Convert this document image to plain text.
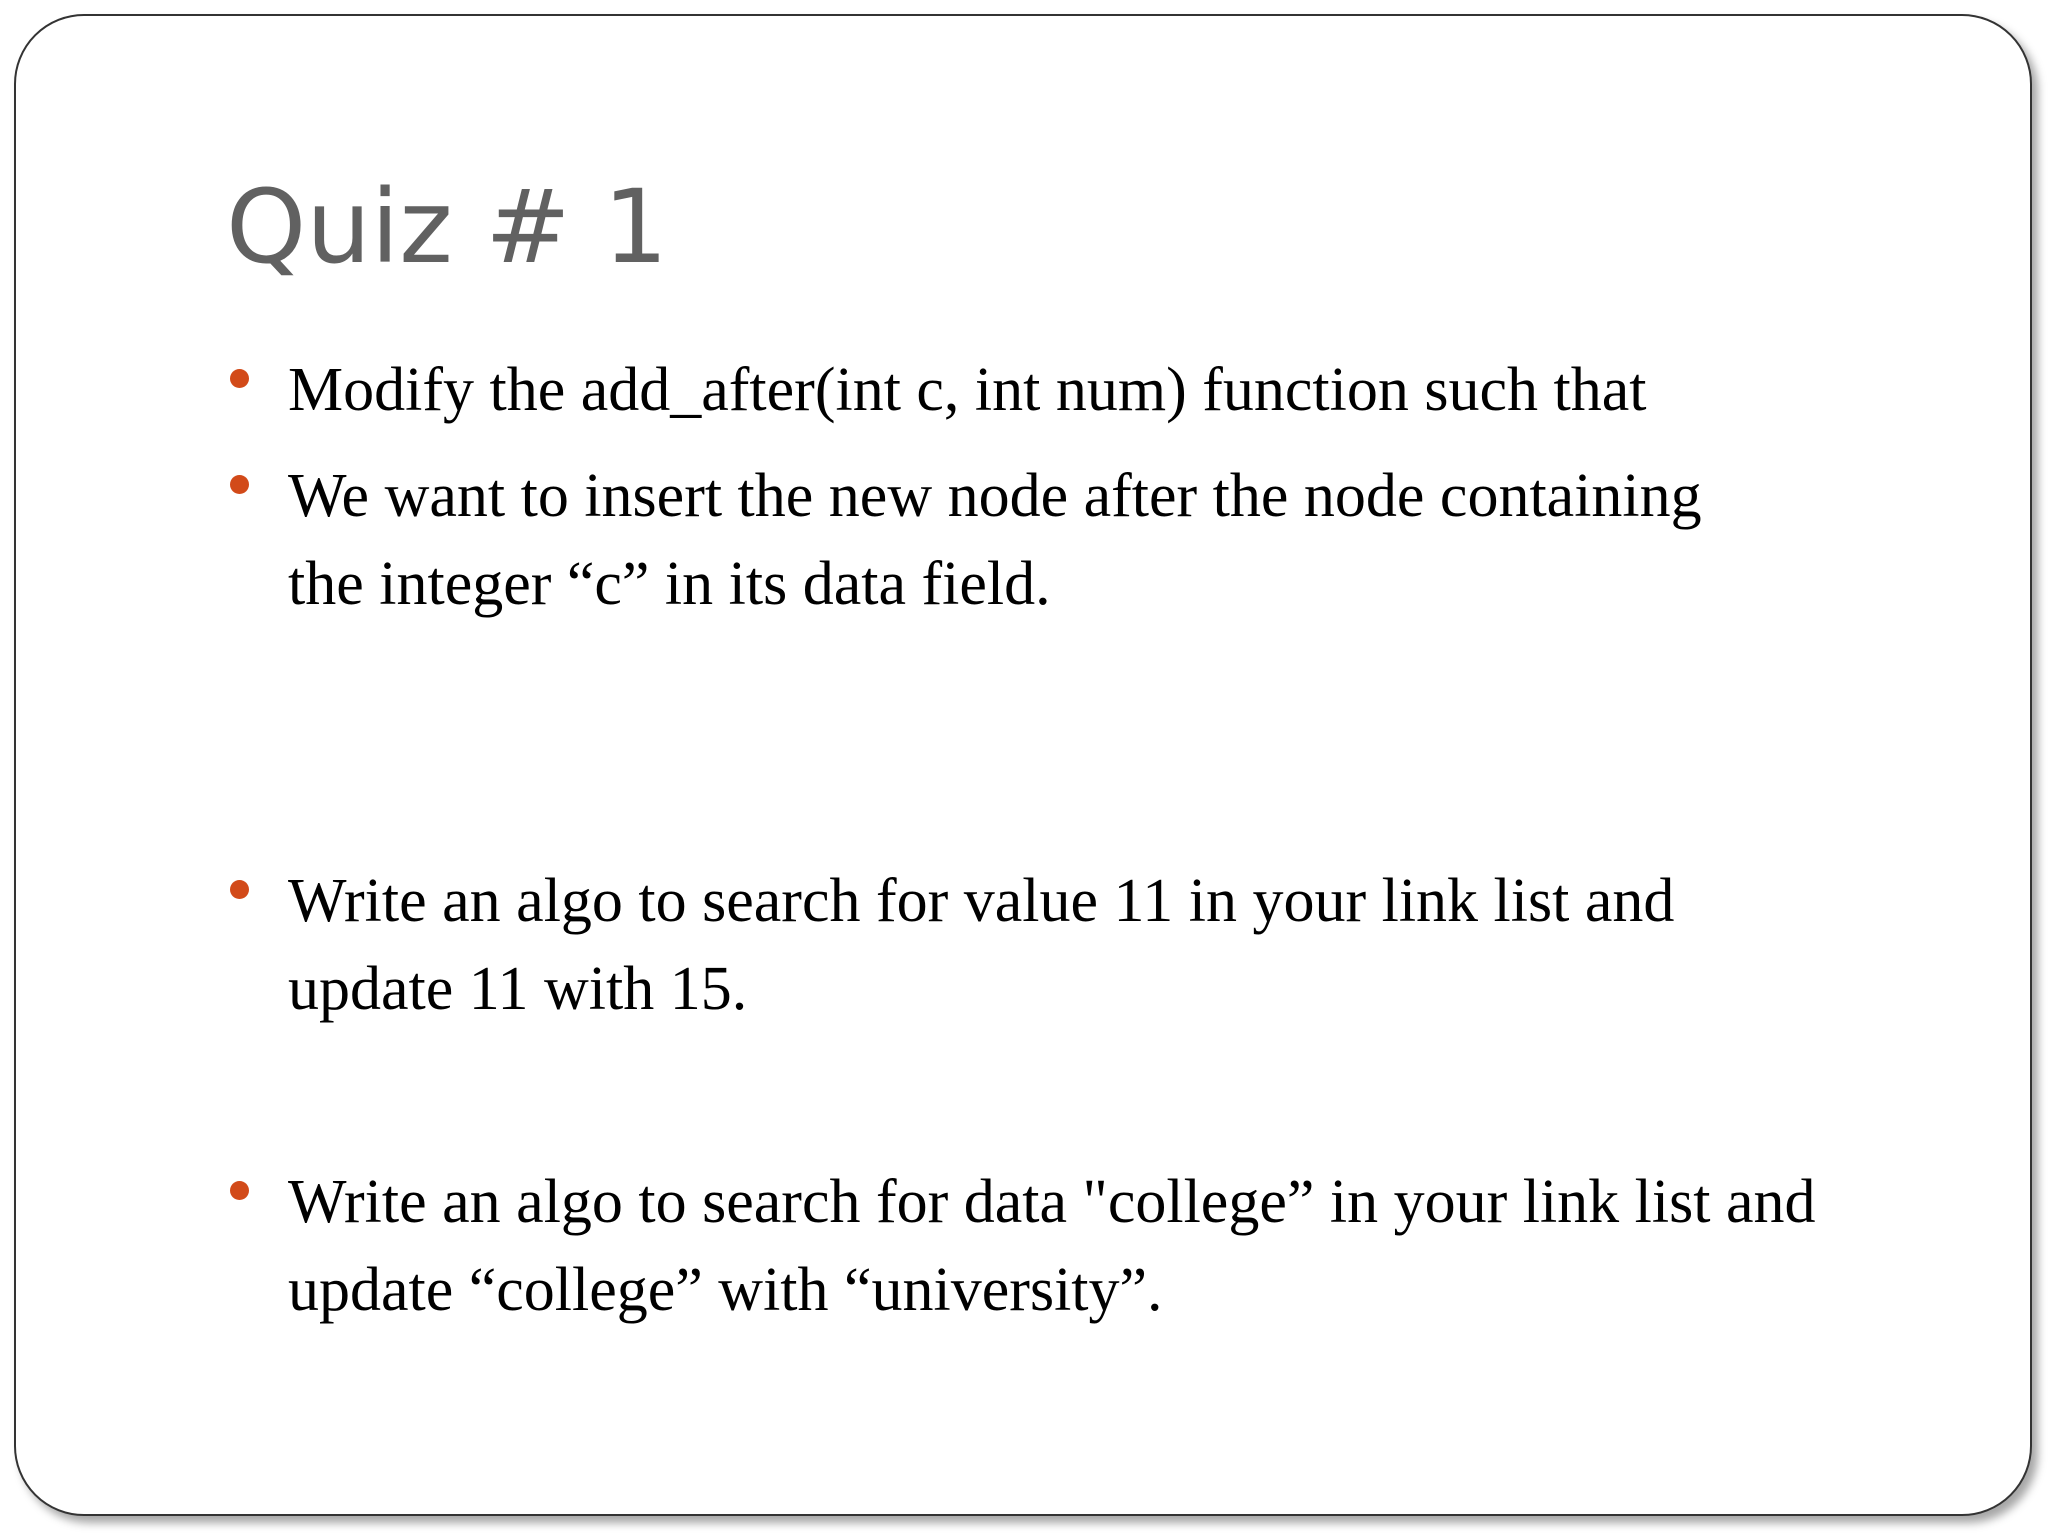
Quiz # 1
Modify the add_after(int c, int num) function such that
We want to insert the new node after the node containing
the integer “c” in its data field.
Write an algo to search for value 11 in your link list and
update 11 with 15.
Write an algo to search for data "college” in your link list and
update “college” with “university”.
